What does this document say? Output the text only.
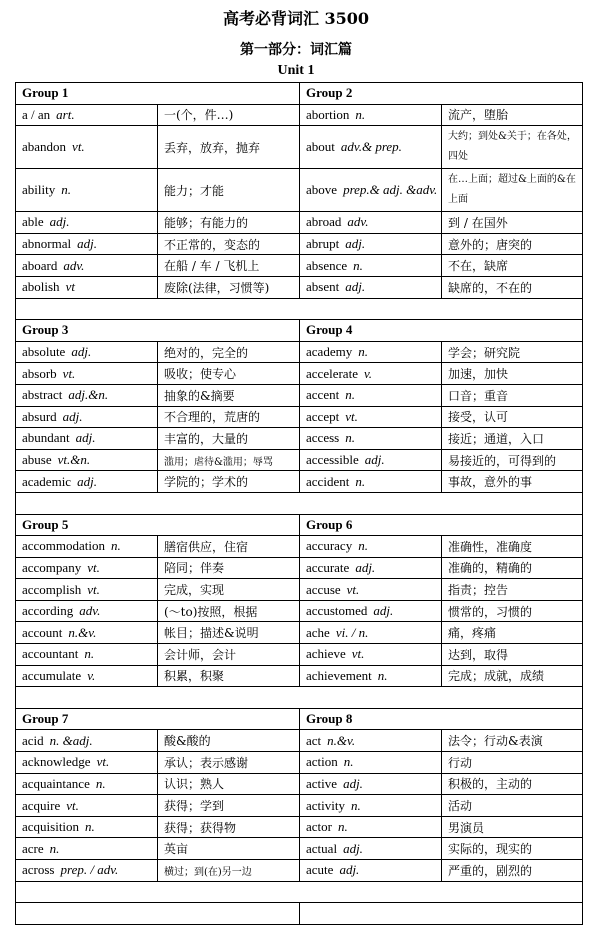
高考必背词汇 3500
第一部分：词汇篇
Unit 1
Group 1		Group 2	
a / an art.	一(个，件…)	abortion n.	流产，堕胎
abandon vt.	丢弃，放弃，抛弃	about adv.& prep.	大约；到处&关于；在各处，四处
ability n.	能力；才能	above prep.& adj. &adv.	在…上面；超过&上面的&在上面
able adj.	能够；有能力的	abroad adv.	到 / 在国外
abnormal adj.	不正常的，变态的	abrupt adj.	意外的；唐突的
aboard adv.	在船 / 车 / 飞机上	absence n.	不在，缺席
abolish vt	废除(法律，习惯等)	absent adj.	缺席的，不在的

Group 3		Group 4	
absolute adj.	绝对的，完全的	academy n.	学会；研究院
absorb vt.	吸收；使专心	accelerate v.	加速，加快
abstract adj.&n.	抽象的&摘要	accent n.	口音；重音
absurd adj.	不合理的，荒唐的	accept vt.	接受，认可
abundant adj.	丰富的，大量的	access n.	接近；通道，入口
abuse vt.&n.	滥用；虐待&滥用；辱骂	accessible adj.	易接近的，可得到的
academic adj.	学院的；学术的	accident n.	事故，意外的事

Group 5		Group 6	
accommodation n.	膳宿供应，住宿	accuracy n.	准确性，准确度
accompany vt.	陪同；伴奏	accurate adj.	准确的，精确的
accomplish vt.	完成，实现	accuse vt.	指责；控告
according adv.	(～to)按照，根据	accustomed adj.	惯常的，习惯的
account n.&v.	帐目；描述&说明	ache vi. / n.	痛，疼痛
accountant n.	会计师，会计	achieve vt.	达到，取得
accumulate v.	积累，积聚	achievement n.	完成；成就，成绩

Group 7		Group 8	
acid n. &adj.	酸&酸的	act n.&v.	法令；行动&表演
acknowledge vt.	承认；表示感谢	action n.	行动
acquaintance n.	认识；熟人	active adj.	积极的，主动的
acquire vt.	获得；学到	activity n.	活动
acquisition n.	获得；获得物	actor n.	男演员
acre n.	英亩	actual adj.	实际的，现实的
across prep. / adv.	横过；到(在)另一边	acute adj.	严重的，剧烈的
